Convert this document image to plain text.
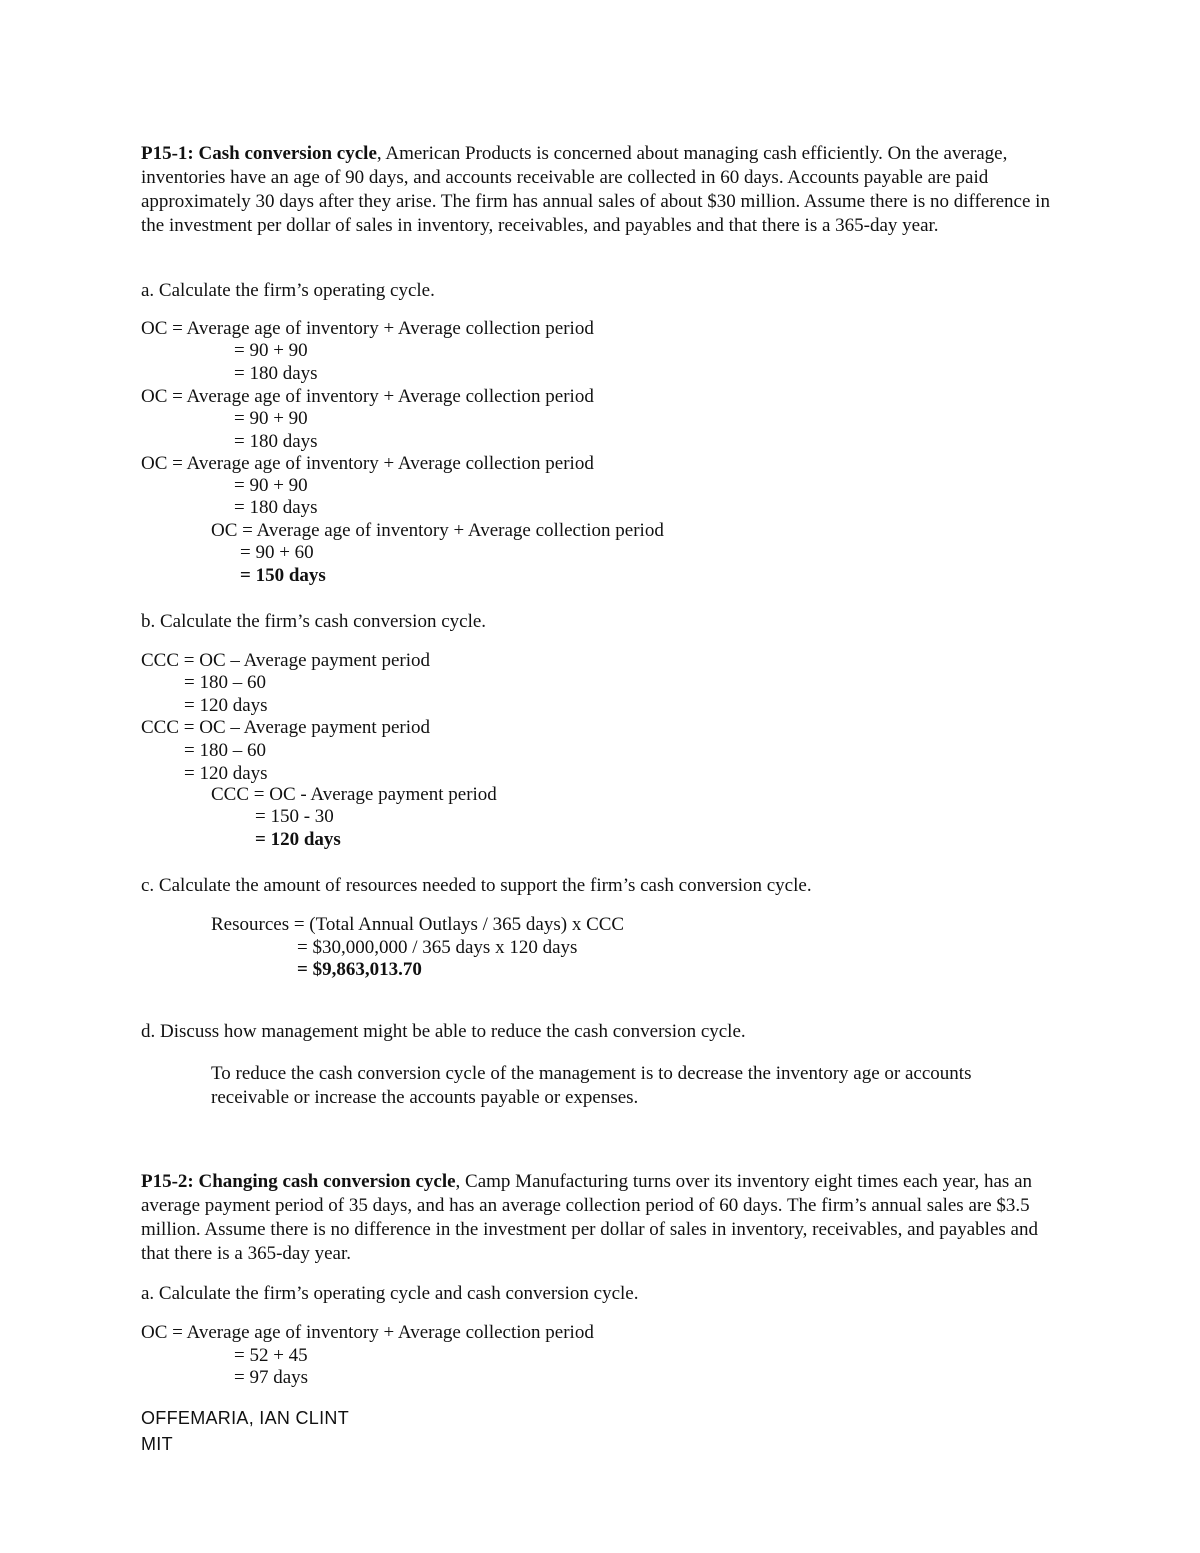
P15-1: Cash conversion cycle, American Products is concerned about managing cash efficiently. On the average, inventories have an age of 90 days, and accounts receivable are collected in 60 days. Accounts payable are paid approximately 30 days after they arise. The firm has annual sales of about $30 million. Assume there is no difference in the investment per dollar of sales in inventory, receivables, and payables and that there is a 365-day year.
a. Calculate the firm’s operating cycle.
OC = Average age of inventory + Average collection period
= 90 + 90
= 180 days
OC = Average age of inventory + Average collection period
= 90 + 90
= 180 days
OC = Average age of inventory + Average collection period
= 90 + 90
= 180 days
OC = Average age of inventory + Average collection period
= 90 + 60
= 150 days
b. Calculate the firm’s cash conversion cycle.
CCC = OC – Average payment period
= 180 – 60
= 120 days
CCC = OC – Average payment period
= 180 – 60
= 120 days
CCC = OC - Average payment period
= 150 - 30
= 120 days
c. Calculate the amount of resources needed to support the firm’s cash conversion cycle.
Resources = (Total Annual Outlays / 365 days) x CCC
= $30,000,000 / 365 days x 120 days
= $9,863,013.70
d. Discuss how management might be able to reduce the cash conversion cycle.
To reduce the cash conversion cycle of the management is to decrease the inventory age or accounts receivable or increase the accounts payable or expenses.
P15-2: Changing cash conversion cycle, Camp Manufacturing turns over its inventory eight times each year, has an average payment period of 35 days, and has an average collection period of 60 days. The firm’s annual sales are $3.5 million. Assume there is no difference in the investment per dollar of sales in inventory, receivables, and payables and that there is a 365-day year.
a. Calculate the firm’s operating cycle and cash conversion cycle.
OC = Average age of inventory + Average collection period
= 52 + 45
= 97 days
OFFEMARIA, IAN CLINT
MIT
